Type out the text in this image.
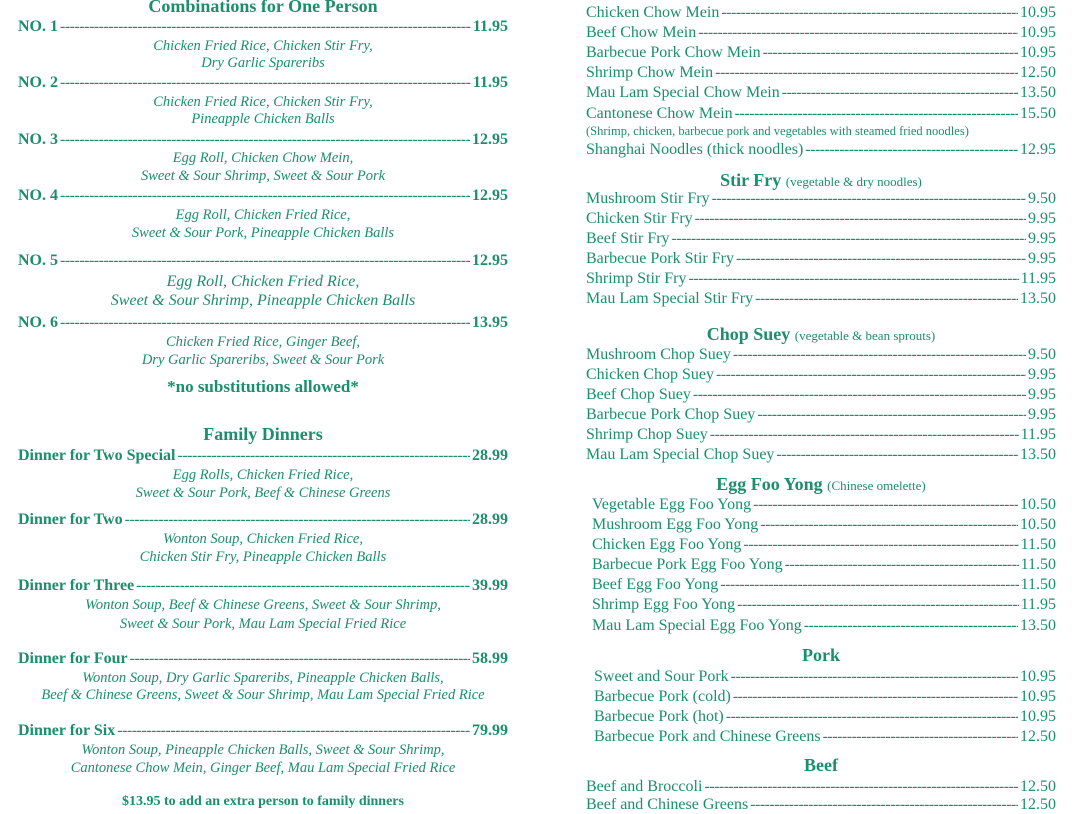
Combinations for One Person
NO. 1 -----	11.95
Chicken Fried Rice, Chicken Stir Fry,
Dry Garlic Spareribs
NO. 2 -----	11.95
Chicken Fried Rice, Chicken Stir Fry,
Pineapple Chicken Balls
NO. 3 -----	12.95
Egg Roll, Chicken Chow Mein,
Sweet & Sour Shrimp, Sweet & Sour Pork
NO. 4 -----	12.95
Egg Roll, Chicken Fried Rice,
Sweet & Sour Pork, Pineapple Chicken Balls
NO. 5 -----	12.95
Egg Roll, Chicken Fried Rice,
Sweet & Sour Shrimp, Pineapple Chicken Balls
NO. 6 -----	13.95
Chicken Fried Rice, Ginger Beef,
Dry Garlic Spareribs, Sweet & Sour Pork
*no substitutions allowed*
Family Dinners
Dinner for Two Special -----	28.99
Egg Rolls, Chicken Fried Rice,
Sweet & Sour Pork, Beef & Chinese Greens
Dinner for Two -----	28.99
Wonton Soup, Chicken Fried Rice,
Chicken Stir Fry, Pineapple Chicken Balls
Dinner for Three -----	39.99
Wonton Soup, Beef & Chinese Greens, Sweet & Sour Shrimp,
Sweet & Sour Pork, Mau Lam Special Fried Rice
Dinner for Four -----	58.99
Wonton Soup, Dry Garlic Spareribs, Pineapple Chicken Balls,
Beef & Chinese Greens, Sweet & Sour Shrimp, Mau Lam Special Fried Rice
Dinner for Six -----	79.99
Wonton Soup, Pineapple Chicken Balls, Sweet & Sour Shrimp,
Cantonese Chow Mein, Ginger Beef, Mau Lam Special Fried Rice
$13.95 to add an extra person to family dinners
Chicken Chow Mein -----	10.95
Beef Chow Mein -----	10.95
Barbecue Pork Chow Mein -----	10.95
Shrimp Chow Mein -----	12.50
Mau Lam Special Chow Mein -----	13.50
Cantonese Chow Mein -----	15.50
(Shrimp, chicken, barbecue pork and vegetables with steamed fried noodles)
Shanghai Noodles (thick noodles) -----	12.95
Stir Fry (vegetable & dry noodles)
Mushroom Stir Fry -----	9.50
Chicken Stir Fry -----	9.95
Beef Stir Fry -----	9.95
Barbecue Pork Stir Fry -----	9.95
Shrimp Stir Fry -----	11.95
Mau Lam Special Stir Fry -----	13.50
Chop Suey (vegetable & bean sprouts)
Mushroom Chop Suey -----	9.50
Chicken Chop Suey -----	9.95
Beef Chop Suey -----	9.95
Barbecue Pork Chop Suey -----	9.95
Shrimp Chop Suey -----	11.95
Mau Lam Special Chop Suey -----	13.50
Egg Foo Yong (Chinese omelette)
Vegetable Egg Foo Yong -----	10.50
Mushroom Egg Foo Yong -----	10.50
Chicken Egg Foo Yong -----	11.50
Barbecue Pork Egg Foo Yong -----	11.50
Beef Egg Foo Yong -----	11.50
Shrimp Egg Foo Yong -----	11.95
Mau Lam Special Egg Foo Yong -----	13.50
Pork
Sweet and Sour Pork -----	10.95
Barbecue Pork (cold) -----	10.95
Barbecue Pork (hot) -----	10.95
Barbecue Pork and Chinese Greens -----	12.50
Beef
Beef and Broccoli -----	12.50
Beef and Chinese Greens -----	12.50
